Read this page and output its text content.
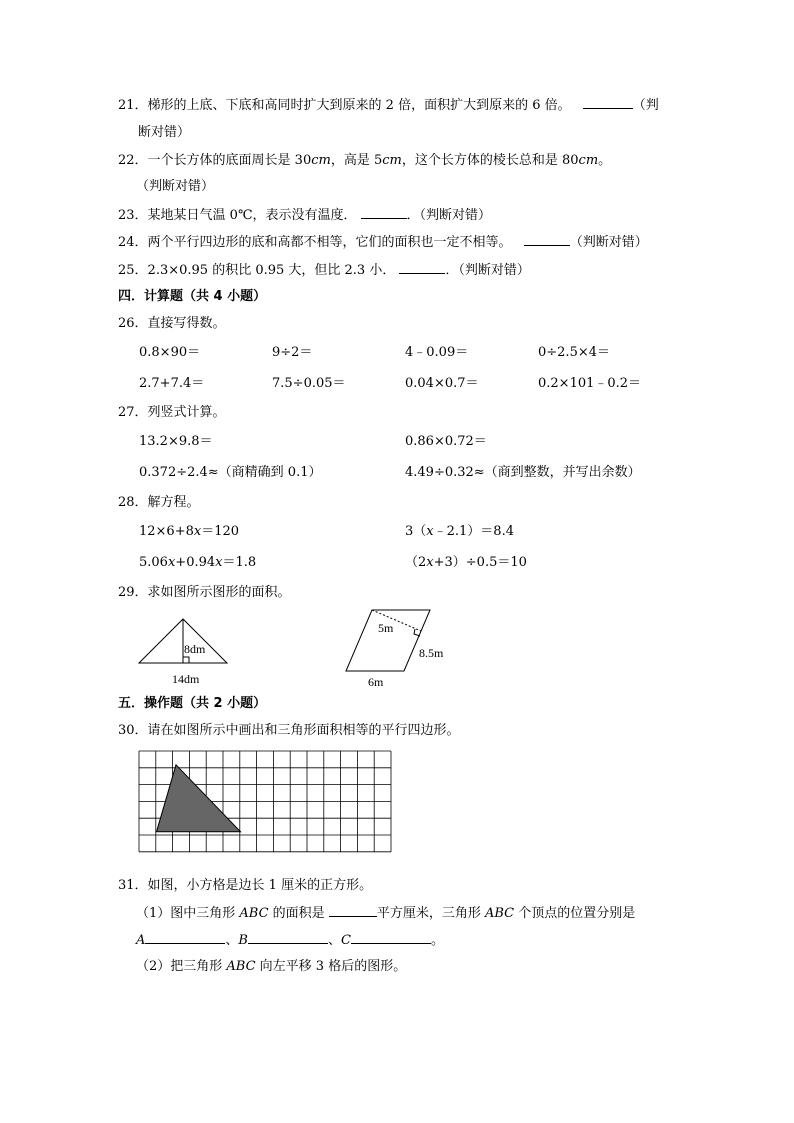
21．梯形的上底、下底和高同时扩大到原来的 2 倍，面积扩大到原来的 6 倍。	（判
断对错）
22．一个长方体的底面周长是 30cm，高是 5cm，这个长方体的棱长总和是 80cm。
（判断对错）
23．某地某日气温 0℃，表示没有温度．	．（判断对错）
24．两个平行四边形的底和高都不相等，它们的面积也一定不相等。	（判断对错）
25．2.3×0.95 的积比 0.95 大，但比 2.3 小．	．（判断对错）
四．计算题（共 4 小题）
26．直接写得数。
0.8×90＝	9÷2＝	4﹣0.09＝	0÷2.5×4＝
2.7+7.4＝	7.5÷0.05＝	0.04×0.7＝	0.2×101﹣0.2＝
27．列竖式计算。
13.2×9.8＝	0.86×0.72＝
0.372÷2.4≈（商精确到 0.1）	4.49÷0.32≈（商到整数，并写出余数）
28．解方程。
12×6+8x＝120	3（x﹣2.1）＝8.4
5.06x+0.94x＝1.8	（2x+3）÷0.5＝10
29．求如图所示图形的面积。
8dm
14dm
5m
8.5m
6m
五．操作题（共 2 小题）
30．请在如图所示中画出和三角形面积相等的平行四边形。
31．如图，小方格是边长 1 厘米的正方形。
（1）图中三角形 ABC 的面积是	平方厘米，三角形 ABC 个顶点的位置分别是
A	、B	、C	。
（2）把三角形 ABC 向左平移 3 格后的图形。
